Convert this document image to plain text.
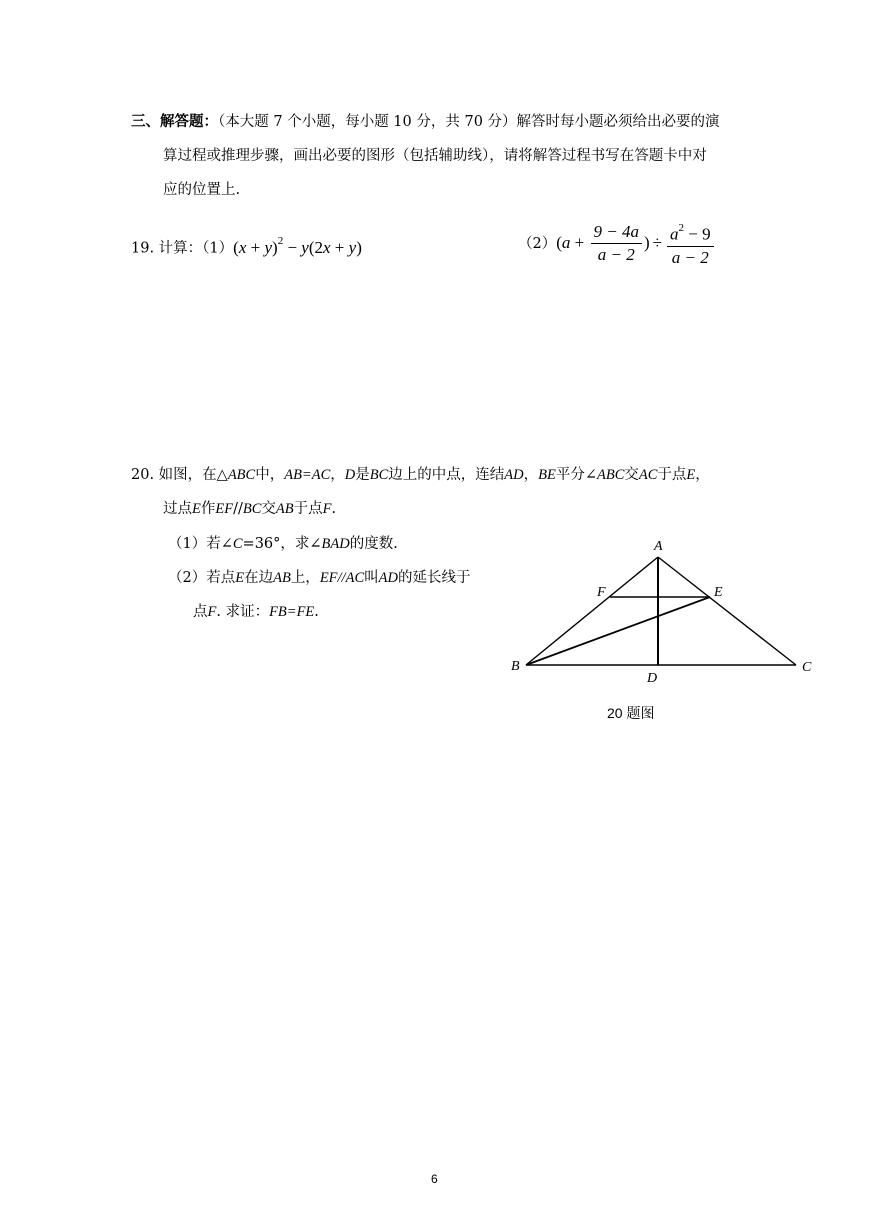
三、解答题：（本大题 7 个小题，每小题 10 分，共 70 分）解答时每小题必须给出必要的演
算过程或推理步骤，画出必要的图形（包括辅助线），请将解答过程书写在答题卡中对
应的位置上.
19. 计算：$(1)(x + y)^2 - y(2x + y)$	$(2)(a + \frac{9 - 4a}{a - 2}$ ) ÷ $\frac{a^2 - 9}{a - 2}$
20. 如图，在△ABC中，AB=AC，D是BC边上的中点，连结AD，BE平分∠ABC交AC于点E，
过点E作EF//BC交AB于点F.
（1）若∠C=36°，求∠BAD的度数.
（2）若点E在边AB上，EF//AC叫AD的延长线于
点F. 求证：FB=FE.
A
B	C
D
E
F
20 题图
6
